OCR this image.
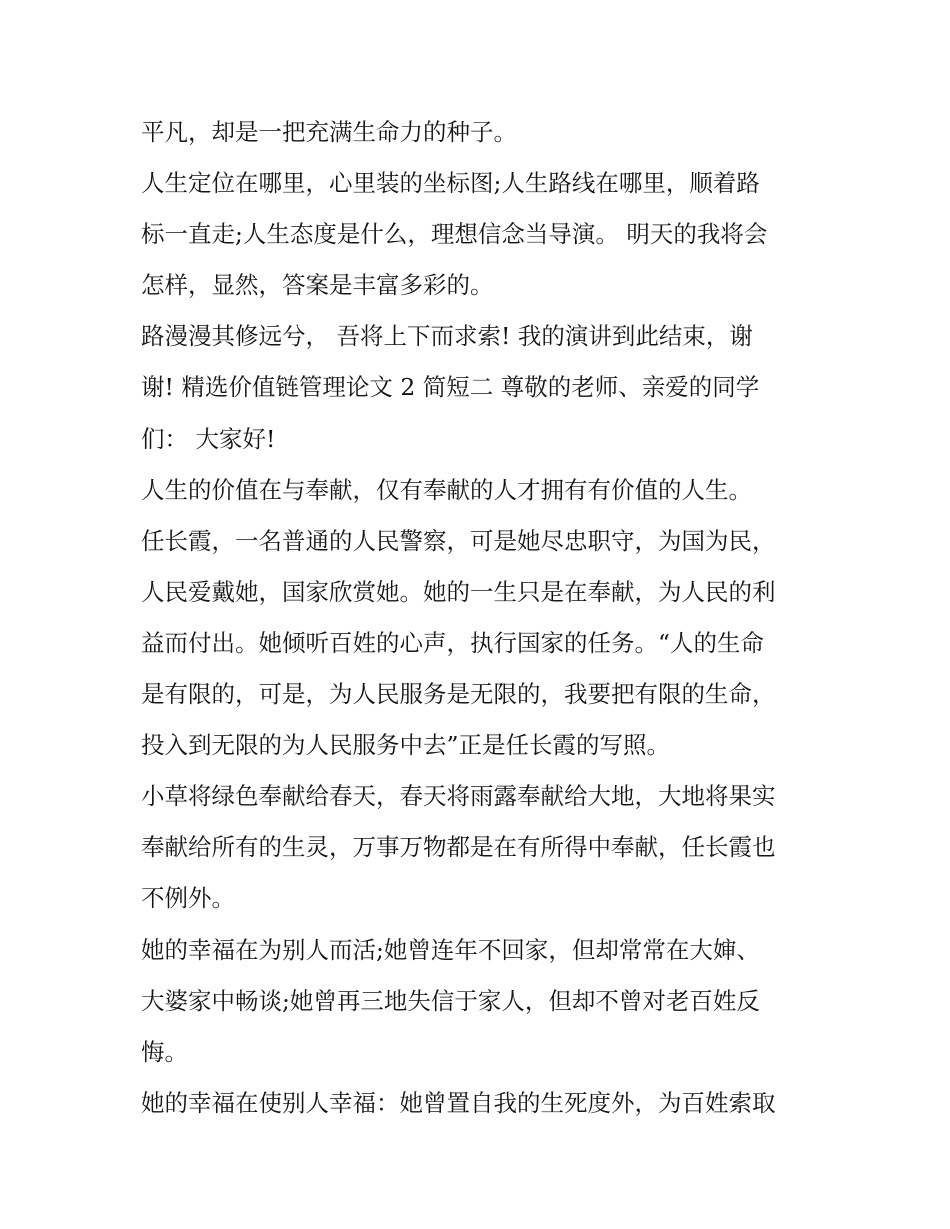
平凡，却是一把充满生命力的种子。
人生定位在哪里，心里装的坐标图;人生路线在哪里，顺着路
标一直走;人生态度是什么，理想信念当导演。 明天的我将会
怎样，显然，答案是丰富多彩的。
路漫漫其修远兮， 吾将上下而求索! 我的演讲到此结束，谢
谢! 精选价值链管理论文 2 简短二 尊敬的老师、亲爱的同学
们： 大家好!
人生的价值在与奉献，仅有奉献的人才拥有有价值的人生。
任长霞，一名普通的人民警察，可是她尽忠职守，为国为民，
人民爱戴她，国家欣赏她。她的一生只是在奉献，为人民的利
益而付出。她倾听百姓的心声，执行国家的任务。“人的生命
是有限的，可是，为人民服务是无限的，我要把有限的生命，
投入到无限的为人民服务中去”正是任长霞的写照。
小草将绿色奉献给春天，春天将雨露奉献给大地，大地将果实
奉献给所有的生灵，万事万物都是在有所得中奉献，任长霞也
不例外。
她的幸福在为别人而活;她曾连年不回家，但却常常在大婶、
大婆家中畅谈;她曾再三地失信于家人，但却不曾对老百姓反
悔。
她的幸福在使别人幸福：她曾置自我的生死度外，为百姓索取
